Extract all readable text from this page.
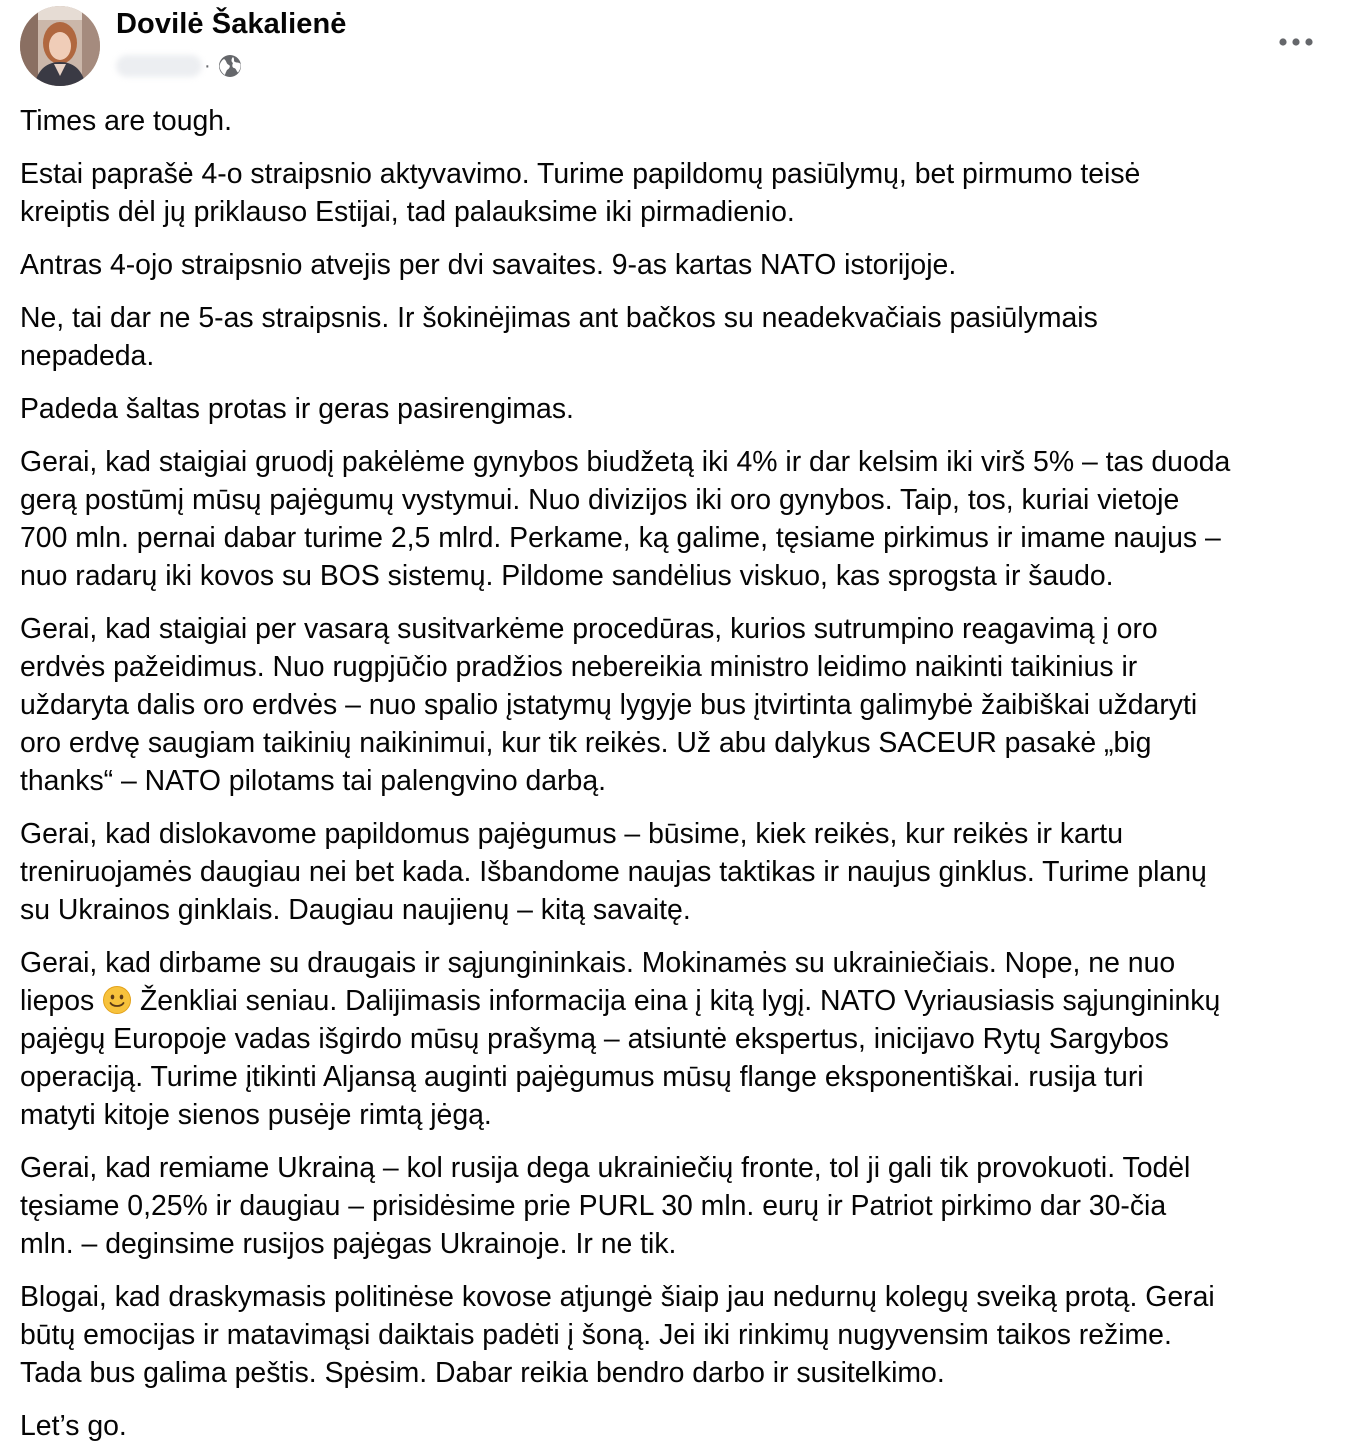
Dovilė Šakalienė
·

Times are tough.

Estai paprašė 4-o straipsnio aktyvavimo. Turime papildomų pasiūlymų, bet pirmumo teisė
kreiptis dėl jų priklauso Estijai, tad palauksime iki pirmadienio.

Antras 4-ojo straipsnio atvejis per dvi savaites. 9-as kartas NATO istorijoje.

Ne, tai dar ne 5-as straipsnis. Ir šokinėjimas ant bačkos su neadekvačiais pasiūlymais
nepadeda.

Padeda šaltas protas ir geras pasirengimas.

Gerai, kad staigiai gruodį pakėlėme gynybos biudžetą iki 4% ir dar kelsim iki virš 5% – tas duoda
gerą postūmį mūsų pajėgumų vystymui. Nuo divizijos iki oro gynybos. Taip, tos, kuriai vietoje
700 mln. pernai dabar turime 2,5 mlrd. Perkame, ką galime, tęsiame pirkimus ir imame naujus –
nuo radarų iki kovos su BOS sistemų. Pildome sandėlius viskuo, kas sprogsta ir šaudo.

Gerai, kad staigiai per vasarą susitvarkėme procedūras, kurios sutrumpino reagavimą į oro
erdvės pažeidimus. Nuo rugpjūčio pradžios nebereikia ministro leidimo naikinti taikinius ir
uždaryta dalis oro erdvės – nuo spalio įstatymų lygyje bus įtvirtinta galimybė žaibiškai uždaryti
oro erdvę saugiam taikinių naikinimui, kur tik reikės. Už abu dalykus SACEUR pasakė „big
thanks“ – NATO pilotams tai palengvino darbą.

Gerai, kad dislokavome papildomus pajėgumus – būsime, kiek reikės, kur reikės ir kartu
treniruojamės daugiau nei bet kada. Išbandome naujas taktikas ir naujus ginklus. Turime planų
su Ukrainos ginklais. Daugiau naujienų – kitą savaitę.

Gerai, kad dirbame su draugais ir sąjungininkais. Mokinamės su ukrainiečiais. Nope, ne nuo
liepos  Ženkliai seniau. Dalijimasis informacija eina į kitą lygį. NATO Vyriausiasis sąjungininkų
pajėgų Europoje vadas išgirdo mūsų prašymą – atsiuntė ekspertus, inicijavo Rytų Sargybos
operaciją. Turime įtikinti Aljansą auginti pajėgumus mūsų flange eksponentiškai. rusija turi
matyti kitoje sienos pusėje rimtą jėgą.

Gerai, kad remiame Ukrainą – kol rusija dega ukrainiečių fronte, tol ji gali tik provokuoti. Todėl
tęsiame 0,25% ir daugiau – prisidėsime prie PURL 30 mln. eurų ir Patriot pirkimo dar 30-čia
mln. – deginsime rusijos pajėgas Ukrainoje. Ir ne tik.

Blogai, kad draskymasis politinėse kovose atjungė šiaip jau nedurnų kolegų sveiką protą. Gerai
būtų emocijas ir matavimąsi daiktais padėti į šoną. Jei iki rinkimų nugyvensim taikos režime.
Tada bus galima peštis. Spėsim. Dabar reikia bendro darbo ir susitelkimo.

Let’s go.
